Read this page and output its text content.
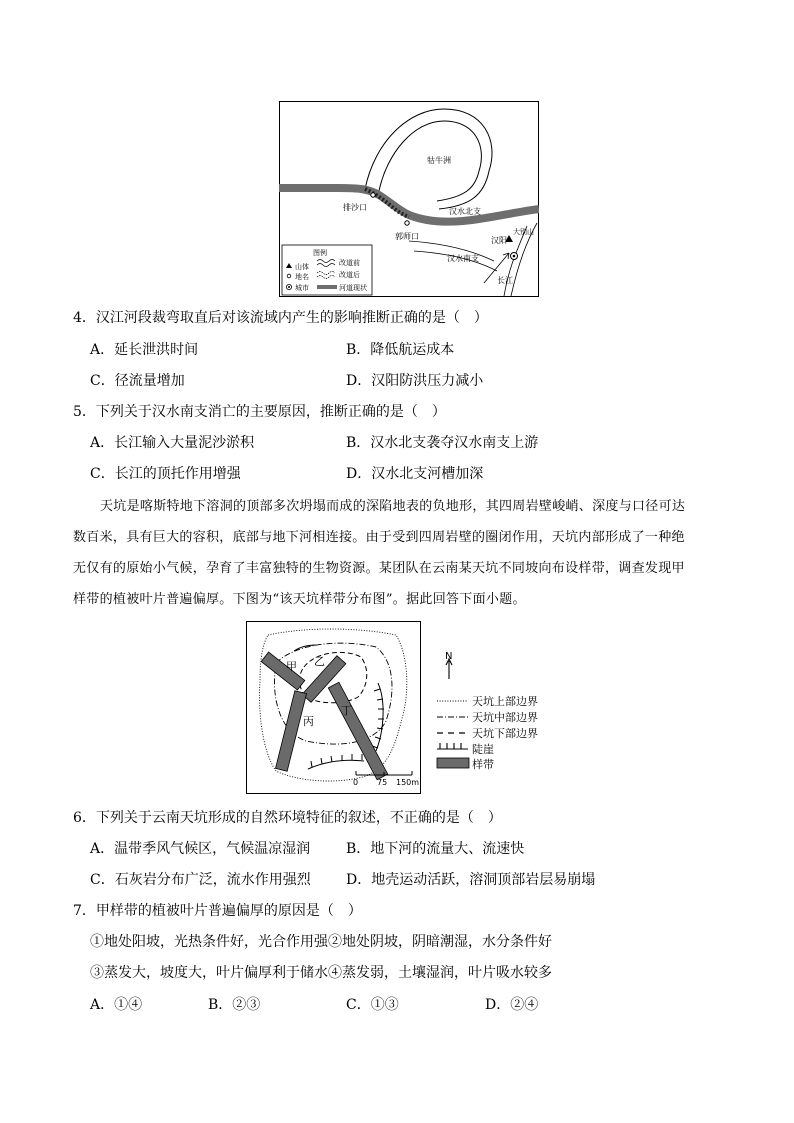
牯牛洲
排沙口
郭师口
汉水北支
汉水南支
汉阳
大别山
长江
图例
山体
地名
城市
改道前
改道后
河道现状
4．汉江河段裁弯取直后对该流域内产生的影响推断正确的是（　）
A．延长泄洪时间	B．降低航运成本
C．径流量增加	D．汉阳防洪压力减小
5．下列关于汉水南支消亡的主要原因，推断正确的是（　）
A．长江输入大量泥沙淤积	B．汉水北支袭夺汉水南支上游
C．长江的顶托作用增强	D．汉水北支河槽加深
天坑是喀斯特地下溶洞的顶部多次坍塌而成的深陷地表的负地形，其四周岩壁峻峭、深度与口径可达
数百米，具有巨大的容积，底部与地下河相连接。由于受到四周岩壁的圈闭作用，天坑内部形成了一种绝
无仅有的原始小气候，孕育了丰富独特的生物资源。某团队在云南某天坑不同坡向布设样带，调查发现甲
样带的植被叶片普遍偏厚。下图为“该天坑样带分布图”。据此回答下面小题。
甲 乙
丙
丁
0 75 150m
N
天坑上部边界
天坑中部边界
天坑下部边界
陡崖
样带
6．下列关于云南天坑形成的自然环境特征的叙述，不正确的是（　）
A．温带季风气候区，气候温凉湿润	B．地下河的流量大、流速快
C．石灰岩分布广泛，流水作用强烈	D．地壳运动活跃，溶洞顶部岩层易崩塌
7．甲样带的植被叶片普遍偏厚的原因是（　）
①地处阳坡，光热条件好，光合作用强②地处阴坡，阴暗潮湿，水分条件好
③蒸发大，坡度大，叶片偏厚利于储水④蒸发弱，土壤湿润，叶片吸水较多
A．①④	B．②③	C．①③	D．②④
